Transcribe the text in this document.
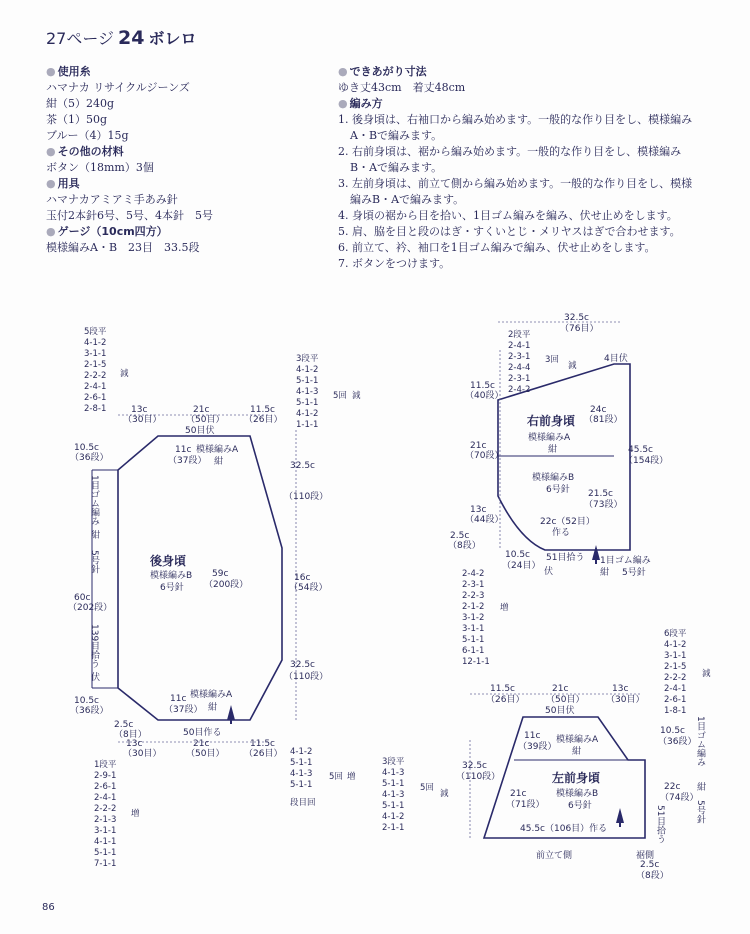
27ページ 24 ボレロ
● 使用糸
ハマナカ リサイクルジーンズ
紺（5）240g
茶（1）50g
ブルー（4）15g
● その他の材料
ボタン（18mm）3個
● 用具
ハマナカアミアミ手あみ針
玉付2本針6号、5号、4本針　5号
● ゲージ（10cm四方）
模様編みA・B　23目　33.5段
● できあがり寸法
ゆき丈43cm　着丈48cm
● 編み方
1. 後身頃は、右袖口から編み始めます。一般的な作り目をし、模様編みA・Bで編みます。
2. 右前身頃は、裾から編み始めます。一般的な作り目をし、模様編みB・Aで編みます。
3. 左前身頃は、前立て側から編み始めます。一般的な作り目をし、模様編みB・Aで編みます。
4. 身頃の裾から目を拾い、1目ゴム編みを編み、伏せ止めをします。
5. 肩、脇を目と段のはぎ・すくいとじ・メリヤスはぎで合わせます。
6. 前立て、衿、袖口を1目ゴム編みで編み、伏せ止めをします。
7. ボタンをつけます。
後身頃
模様編みB
6号針
模様編みA
紺
模様編みA
紺
13c
（30目）
21c
（50目）
11.5c
（26目）
50目伏
11c
（37段）
11c
（37段）
59c
（200段）
13c
（30目）
21c
（50目）
11.5c
（26目）
50目作る
10.5c
（36段）
10.5c
（36段）
60c
（202段）
2.5c
（8目）
32.5c
（110段）
16c
（54段）
32.5c
（110段）
1目ゴム編み
紺
5号針
139目拾う
伏
5段平
4-1-2
3-1-1
2-1-5
2-2-2
2-4-1
2-6-1
2-8-1
減
3段平
4-1-2
5-1-1
4-1-3
5-1-1
4-1-2
1-1-1
5回 減
1段平
2-9-1
2-6-1
2-4-1
2-2-2
2-1-3
3-1-1
4-1-1
5-1-1
7-1-1
増
4-1-2
5-1-1
4-1-3
5-1-1
段目回
5回 増
右前身頃
模様編みA
紺
模様編みB
6号針
32.5c
（76目）
4目伏
11.5c
（40段）
21c
（70段）
13c
（44段）
2.5c
（8段）
24c
（81段）
45.5c
（154段）
21.5c
（73段）
22c（52目）
作る
10.5c
（24目）
51目拾う
伏
1目ゴム編み
紺 5号針
2段平
2-4-1
2-3-1
2-4-4
2-3-1
2-4-2
3回
減
2-4-2
2-3-1
2-2-3
2-1-2
3-1-2
3-1-1
5-1-1
6-1-1
12-1-1
増
左前身頃
模様編みA
紺
模様編みB
6号針
11.5c
（26目）
21c
（50目）
13c
（30目）
50目伏
11c
（39段）
21c
（71段）
32.5c
（110段）
10.5c
（36段）
22c
（74段）
51目拾う
1目ゴム編み
紺
5号針
45.5c（106目）作る
前立て側	裾側
2.5c
（8段）
3段平
4-1-3
5-1-1
4-1-3
5-1-1
4-1-2
2-1-1
5回
減
6段平
4-1-2
3-1-1
2-1-5
2-2-2
2-4-1
2-6-1
1-8-1
減
86
